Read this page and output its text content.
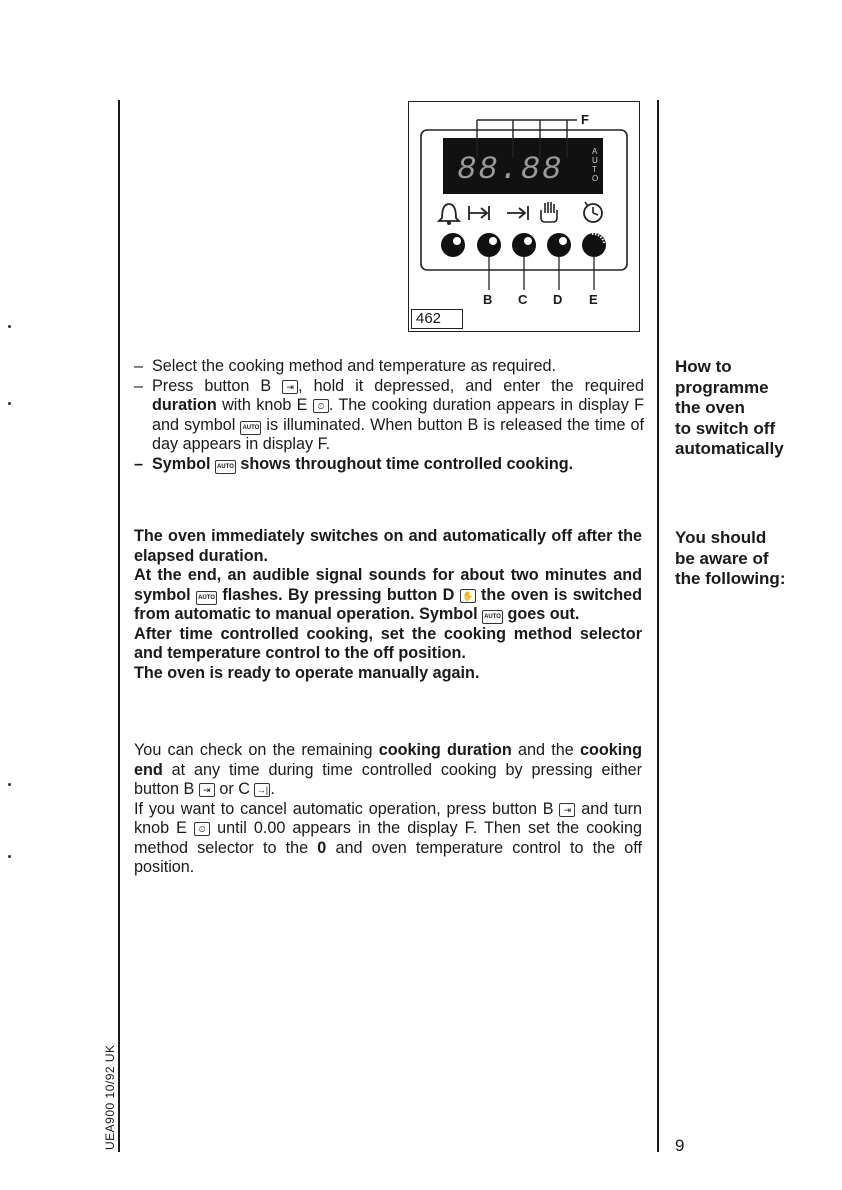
88.88	A
U
T
O
F
B C D E
462
– Select the cooking method and temperature as required.
– Press button B ⇥ , hold it depressed, and enter the required duration with knob E ⏲ . The cooking duration appears in display F and symbol AUTO is illuminated. When button B is released the time of day appears in display F.
– Symbol AUTO shows throughout time controlled cooking.
The oven immediately switches on and automatically off after the elapsed duration.
At the end, an audible signal sounds for about two minutes and symbol AUTO flashes. By pressing button D ✋ the oven is switched from automatic to manual operation. Symbol AUTO goes out.
After time controlled cooking, set the cooking method selector and temperature control to the off position.
The oven is ready to operate manually again.
You can check on the remaining cooking duration and the cooking end at any time during time controlled cooking by pressing either button B ⇥ or C →| .
If you want to cancel automatic operation, press button B ⇥ and turn knob E ⏲ until 0.00 appears in the display F. Then set the cooking method selector to the 0 and oven temperature control to the off position.
How to
programme
the oven
to switch off
automatically
You should
be aware of
the following:
UEA900 10/92 UK	9
